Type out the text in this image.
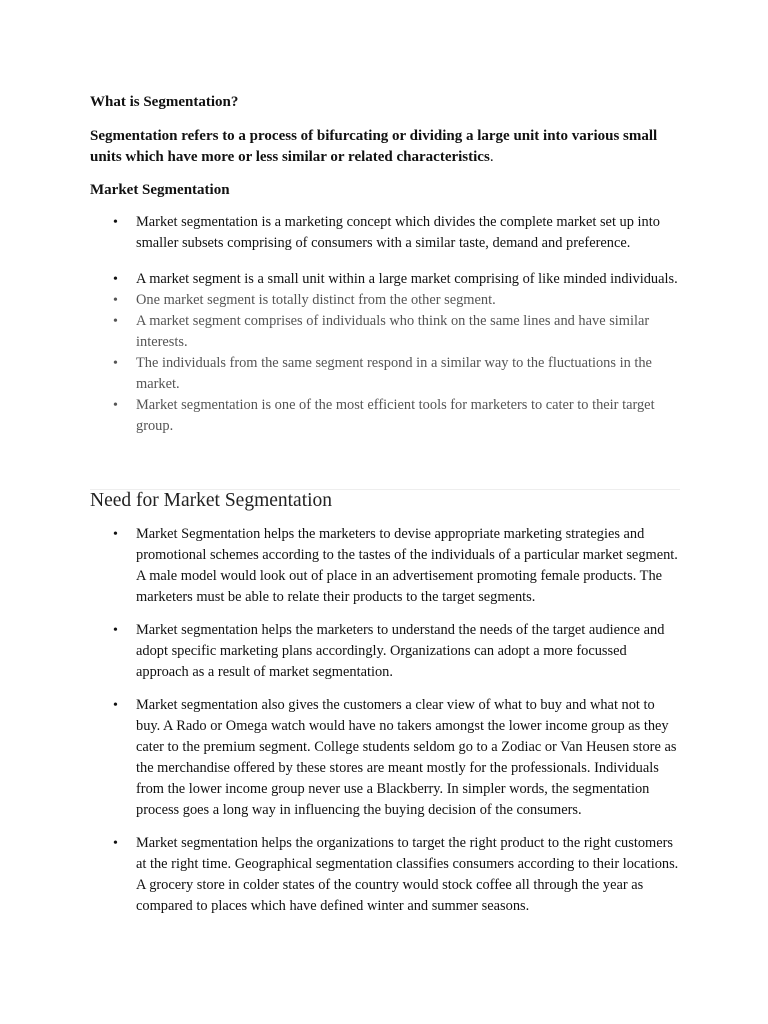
What is Segmentation?

Segmentation refers to a process of bifurcating or dividing a large unit into various small units which have more or less similar or related characteristics.

Market Segmentation
• Market segmentation is a marketing concept which divides the complete market set up into smaller subsets comprising of consumers with a similar taste, demand and preference.
• A market segment is a small unit within a large market comprising of like minded individuals.
• One market segment is totally distinct from the other segment.
• A market segment comprises of individuals who think on the same lines and have similar interests.
• The individuals from the same segment respond in a similar way to the fluctuations in the market.
• Market segmentation is one of the most efficient tools for marketers to cater to their target group.
Need for Market Segmentation
• Market Segmentation helps the marketers to devise appropriate marketing strategies and promotional schemes according to the tastes of the individuals of a particular market segment. A male model would look out of place in an advertisement promoting female products. The marketers must be able to relate their products to the target segments.
• Market segmentation helps the marketers to understand the needs of the target audience and adopt specific marketing plans accordingly. Organizations can adopt a more focussed approach as a result of market segmentation.
• Market segmentation also gives the customers a clear view of what to buy and what not to buy. A Rado or Omega watch would have no takers amongst the lower income group as they cater to the premium segment. College students seldom go to a Zodiac or Van Heusen store as the merchandise offered by these stores are meant mostly for the professionals. Individuals from the lower income group never use a Blackberry. In simpler words, the segmentation process goes a long way in influencing the buying decision of the consumers.
• Market segmentation helps the organizations to target the right product to the right customers at the right time. Geographical segmentation classifies consumers according to their locations. A grocery store in colder states of the country would stock coffee all through the year as compared to places which have defined winter and summer seasons.
